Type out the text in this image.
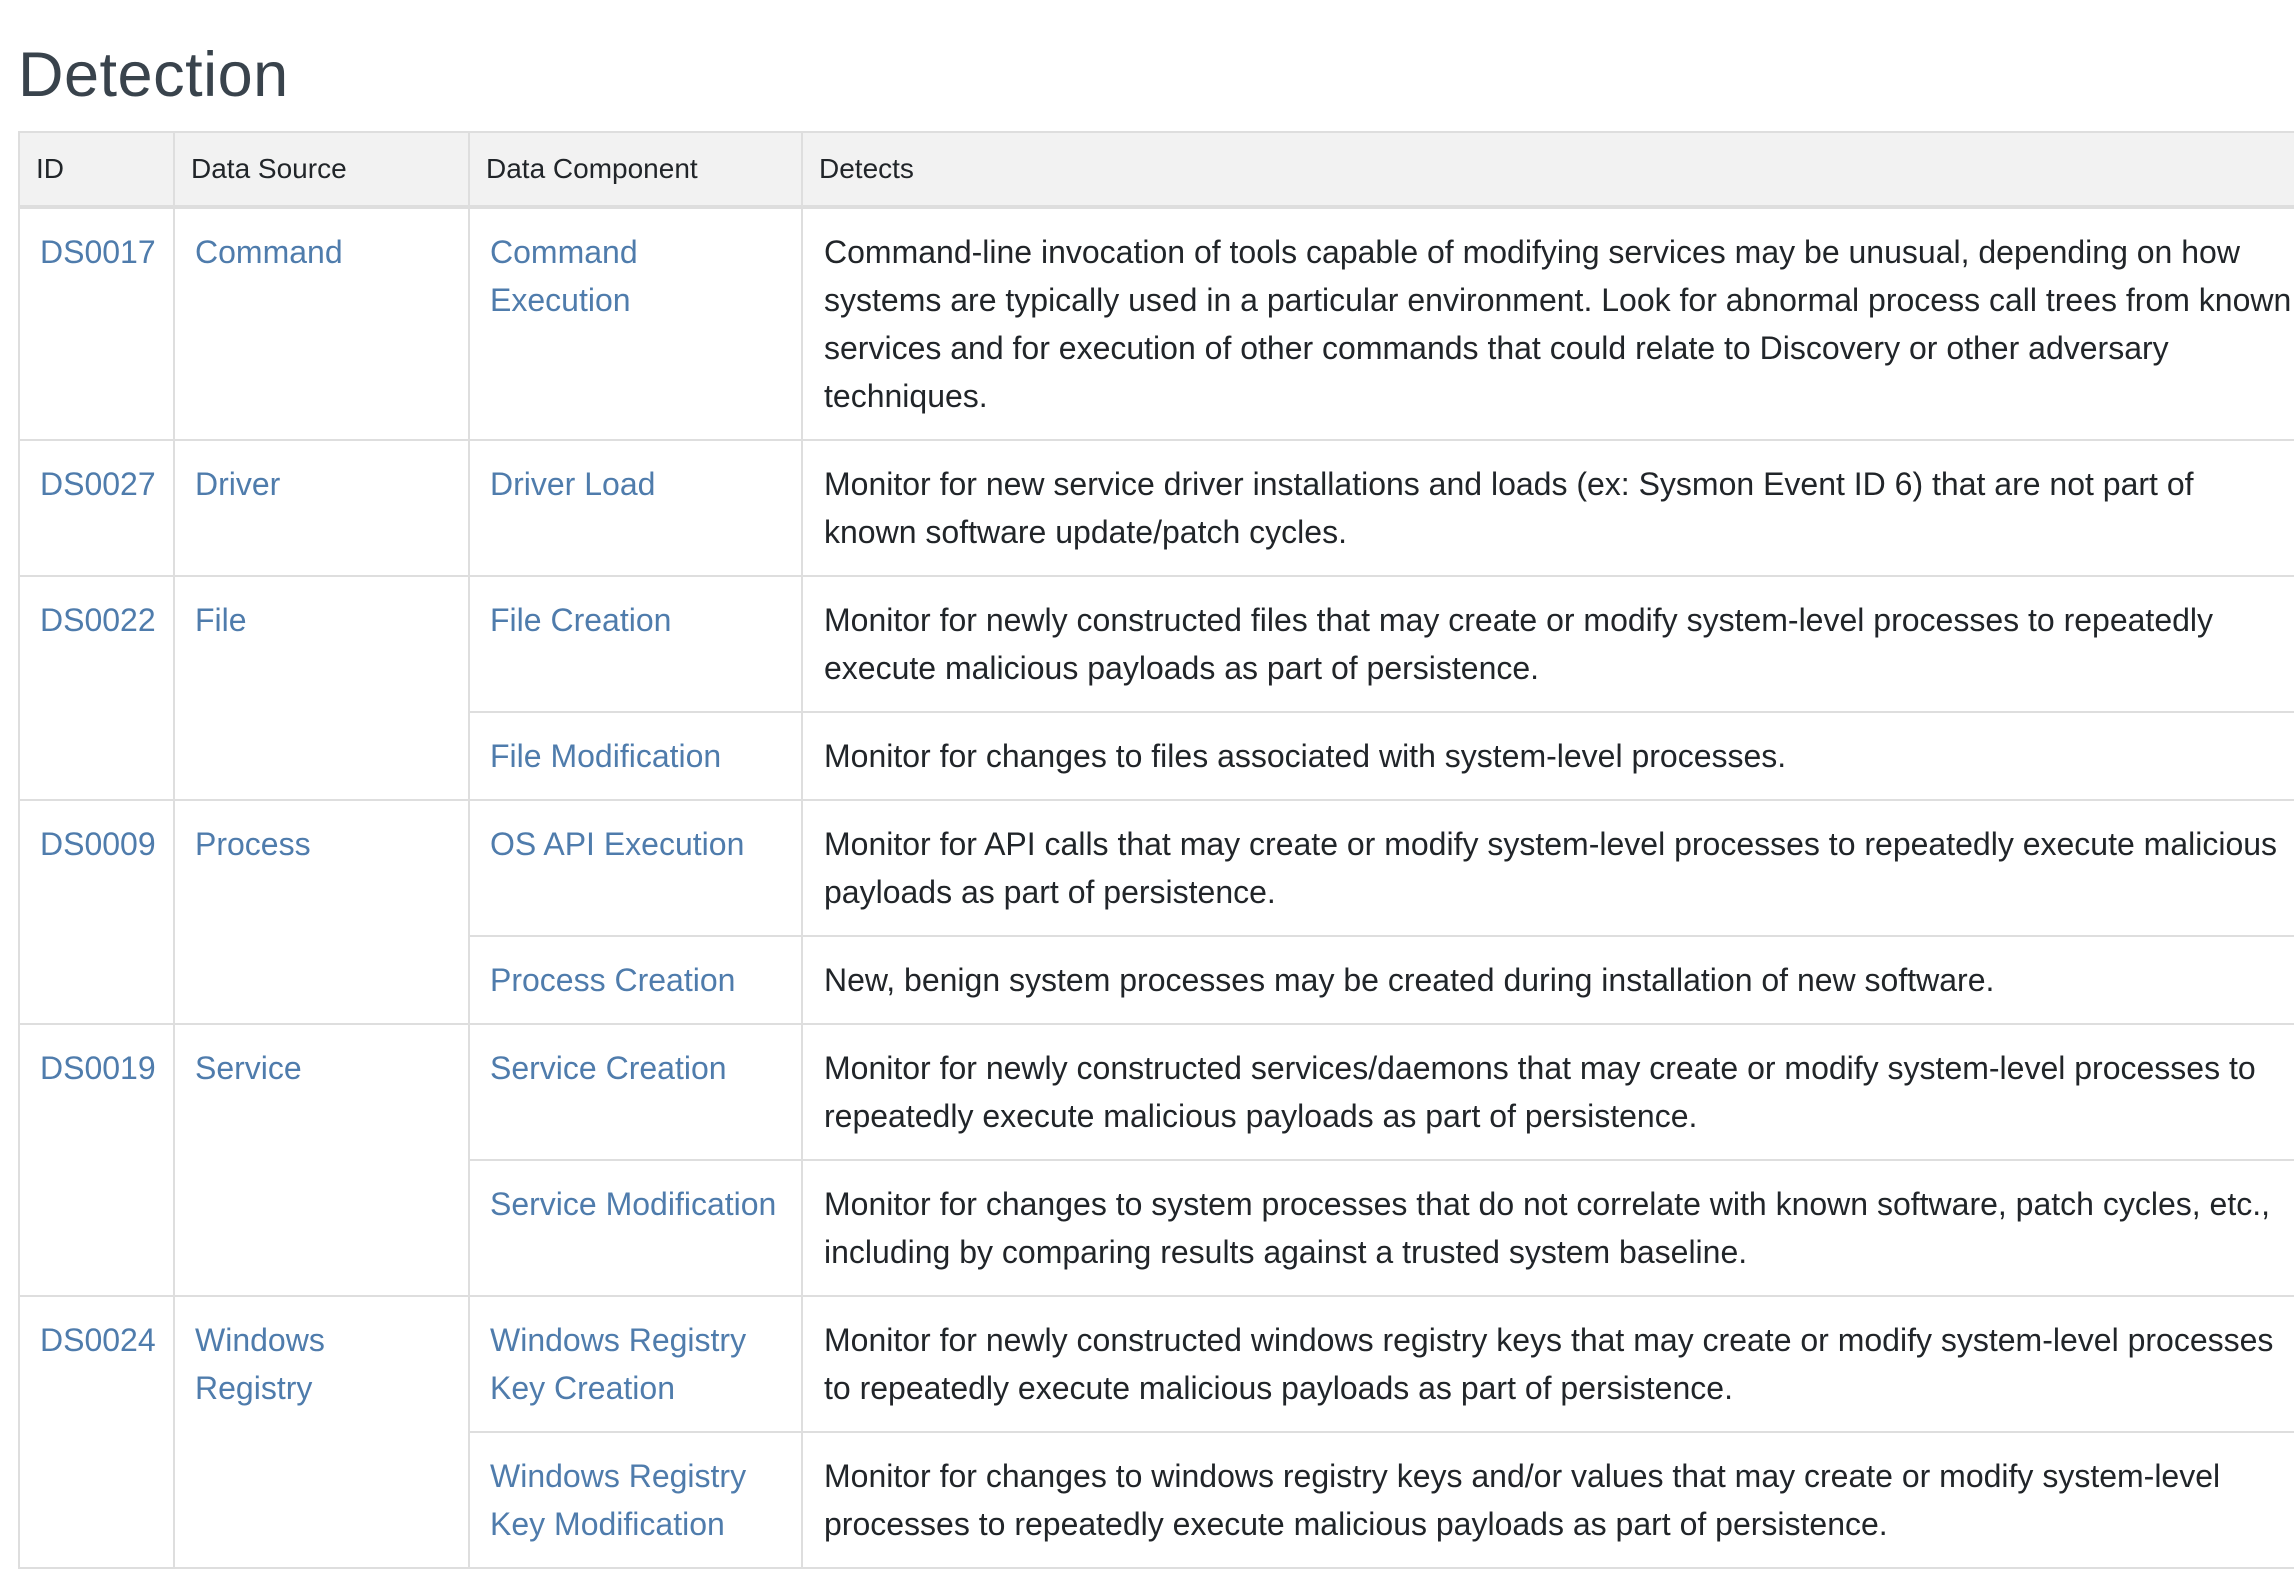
Detection
ID	Data Source	Data Component	Detects
DS0017	Command	Command Execution	Command-line invocation of tools capable of modifying services may be unusual, depending on how systems are typically used in a particular environment. Look for abnormal process call trees from known services and for execution of other commands that could relate to Discovery or other adversary techniques.
DS0027	Driver	Driver Load	Monitor for new service driver installations and loads (ex: Sysmon Event ID 6) that are not part of known software update/patch cycles.
DS0022	File	File Creation	Monitor for newly constructed files that may create or modify system-level processes to repeatedly execute malicious payloads as part of persistence.
		File Modification	Monitor for changes to files associated with system-level processes.
DS0009	Process	OS API Execution	Monitor for API calls that may create or modify system-level processes to repeatedly execute malicious payloads as part of persistence.
		Process Creation	New, benign system processes may be created during installation of new software.
DS0019	Service	Service Creation	Monitor for newly constructed services/daemons that may create or modify system-level processes to repeatedly execute malicious payloads as part of persistence.
		Service Modification	Monitor for changes to system processes that do not correlate with known software, patch cycles, etc., including by comparing results against a trusted system baseline.
DS0024	Windows Registry	Windows Registry Key Creation	Monitor for newly constructed windows registry keys that may create or modify system-level processes to repeatedly execute malicious payloads as part of persistence.
		Windows Registry Key Modification	Monitor for changes to windows registry keys and/or values that may create or modify system-level processes to repeatedly execute malicious payloads as part of persistence.
